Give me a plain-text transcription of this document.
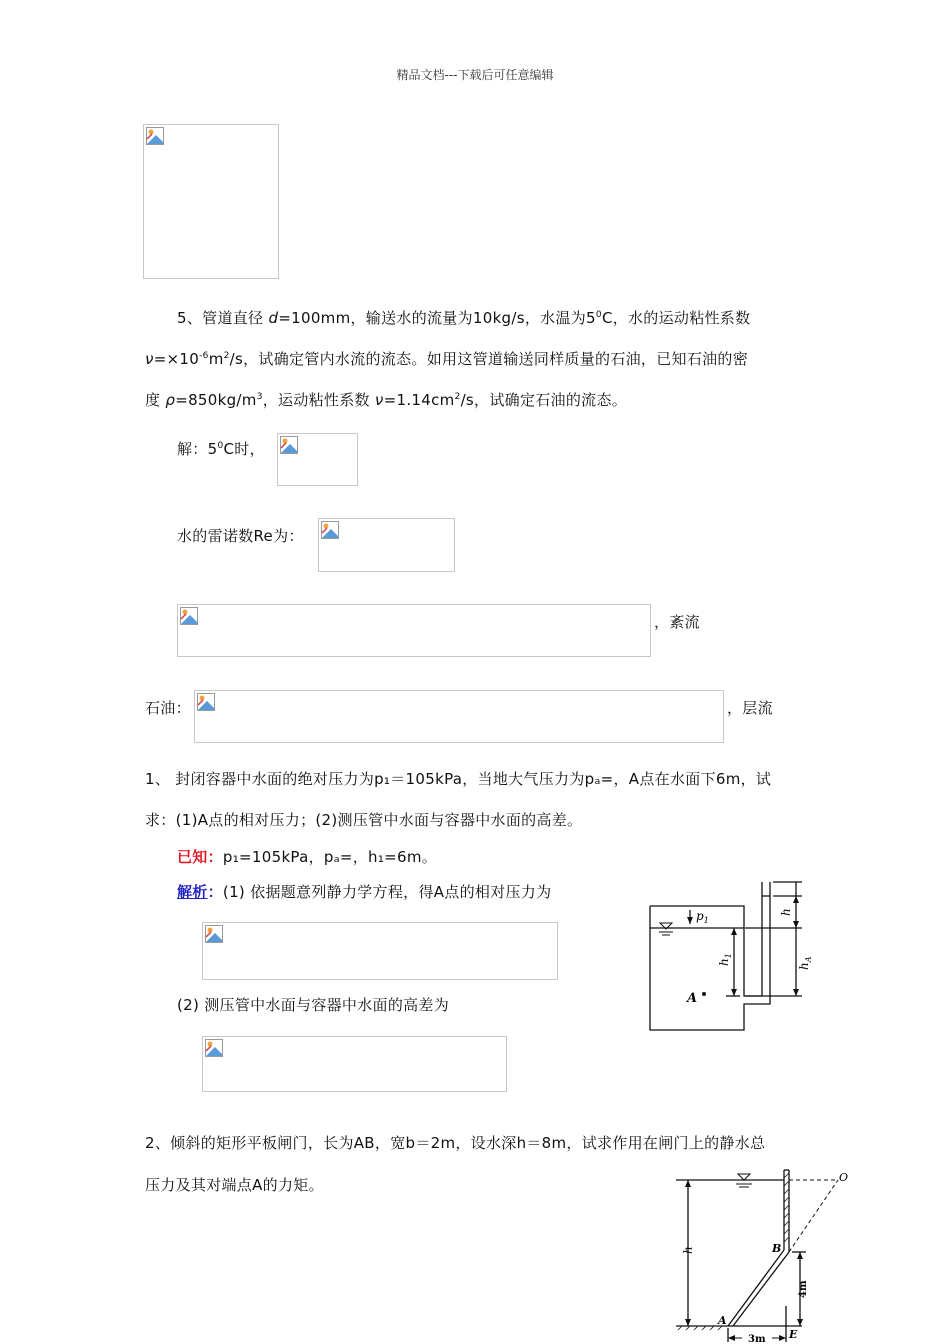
精品文档---下载后可任意编辑
5、管道直径 d=100mm，输送水的流量为10kg/s，水温为$5^0C$，水的运动粘性系数
$\nu=\times 10^{-6}m^2/s$，试确定管内水流的流态。如用这管道输送同样质量的石油，已知石油的密
度 $\rho=850kg/m^3$，运动粘性系数 $\nu=1.14cm^2/s$，试确定石油的流态。
解：$5^0C$时，
水的雷诺数Re为：
，紊流
石油：	，层流
1、 封闭容器中水面的绝对压力为p₁＝105kPa，当地大气压力为pₐ=，A点在水面下6m，试
求：(1)A点的相对压力；(2)测压管中水面与容器中水面的高差。
已知：p₁=105kPa，pₐ=，h₁=6m。
解析：(1) 依据题意列静力学方程，得A点的相对压力为
(2) 测压管中水面与容器中水面的高差为
$p_1$
A
$h_1$
h
$h_A$
2、倾斜的矩形平板闸门，长为AB，宽b＝2m，设水深h＝8m，试求作用在闸门上的静水总
压力及其对端点A的力矩。	O
h	B
A
E
4m
3m
